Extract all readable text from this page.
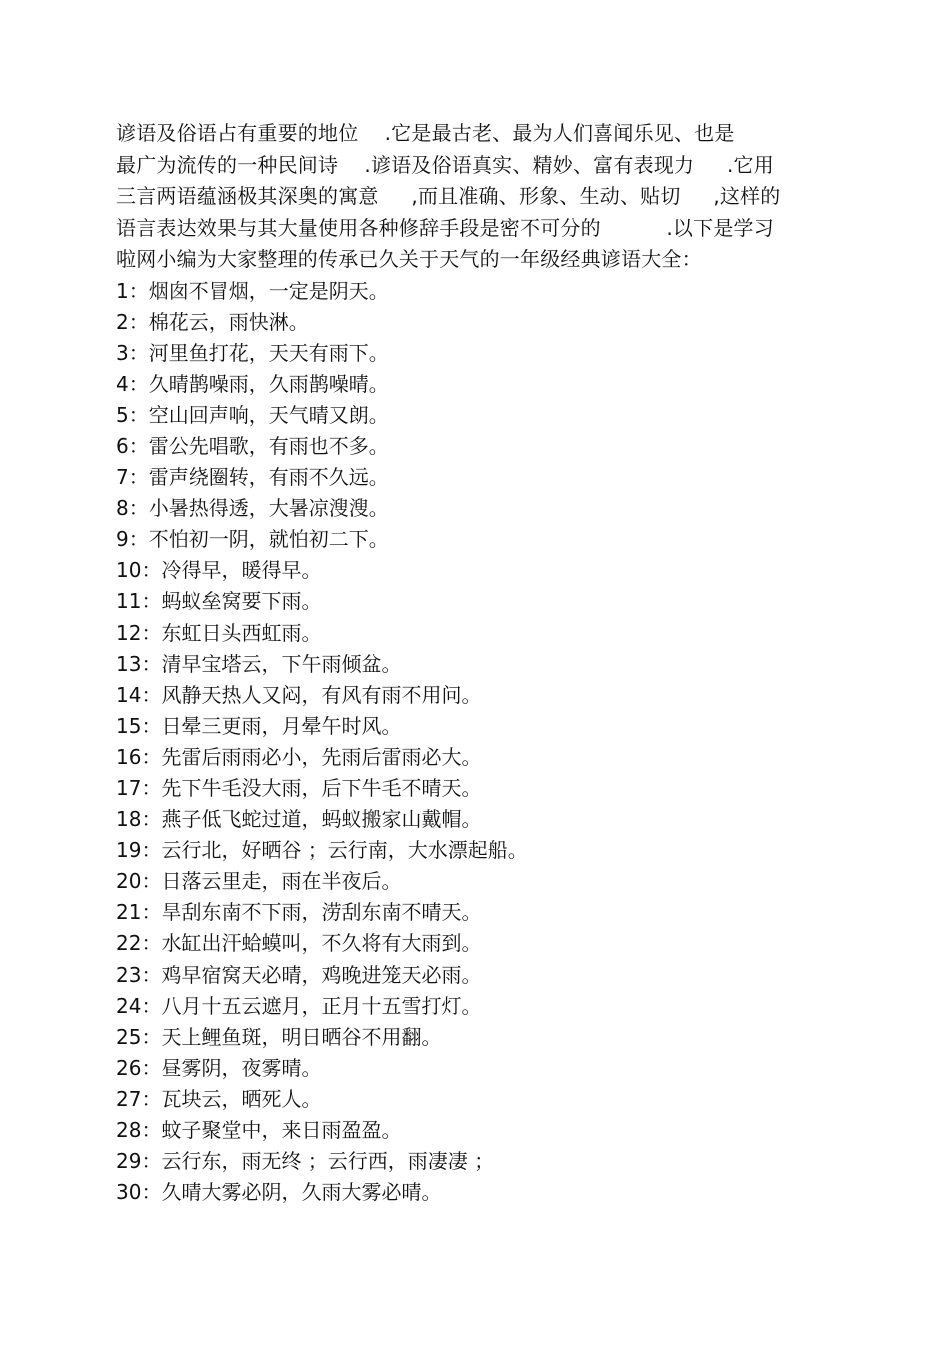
谚语及俗语占有重要的地位    .它是最古老、最为人们喜闻乐见、也是
最广为流传的一种民间诗    .谚语及俗语真实、精妙、富有表现力     .它用
三言两语蕴涵极其深奥的寓意     ,而且准确、形象、生动、贴切     ,这样的
语言表达效果与其大量使用各种修辞手段是密不可分的          .以下是学习
啦网小编为大家整理的传承已久关于天气的一年级经典谚语大全：
1：烟囱不冒烟，一定是阴天。
2：棉花云，雨快淋。
3：河里鱼打花，天天有雨下。
4：久晴鹊噪雨，久雨鹊噪晴。
5：空山回声响，天气晴又朗。
6：雷公先唱歌，有雨也不多。
7：雷声绕圈转，有雨不久远。
8：小暑热得透，大暑凉溲溲。
9：不怕初一阴，就怕初二下。
10：冷得早，暖得早。
11：蚂蚁垒窝要下雨。
12：东虹日头西虹雨。
13：清早宝塔云，下午雨倾盆。
14：风静天热人又闷，有风有雨不用问。
15：日晕三更雨，月晕午时风。
16：先雷后雨雨必小，先雨后雷雨必大。
17：先下牛毛没大雨，后下牛毛不晴天。
18：燕子低飞蛇过道，蚂蚁搬家山戴帽。
19：云行北，好晒谷 ；云行南，大水漂起船。
20：日落云里走，雨在半夜后。
21：旱刮东南不下雨，涝刮东南不晴天。
22：水缸出汗蛤蟆叫，不久将有大雨到。
23：鸡早宿窝天必晴，鸡晚进笼天必雨。
24：八月十五云遮月，正月十五雪打灯。
25：天上鲤鱼斑，明日晒谷不用翻。
26：昼雾阴，夜雾晴。
27：瓦块云，晒死人。
28：蚊子聚堂中，来日雨盈盈。
29：云行东，雨无终 ；云行西，雨凄凄 ；
30：久晴大雾必阴，久雨大雾必晴。
